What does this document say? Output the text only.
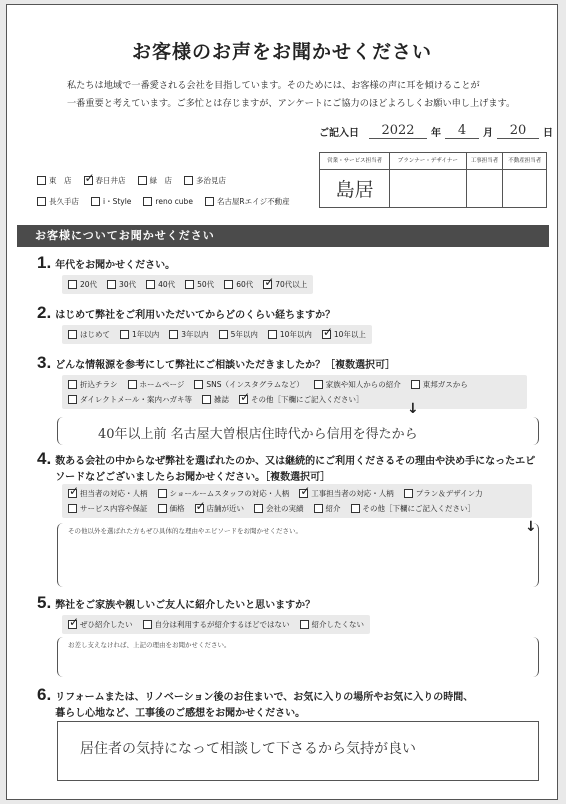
お客様のお声をお聞かせください
私たちは地域で一番愛される会社を目指しています。そのためには、お客様の声に耳を傾けることが
一番重要と考えています。ご多忙とは存じますが、アンケートにご協力のほどよろしくお願い申し上げます。
ご記入日	2022	年	4	月	20	日
東　店 ✓	春日井店	緑　店	多治見店
長久手店	i・Style	reno cube	名古屋Rエイジ不動産
営業・サービス担当者	プランナー・デザイナー	工事担当者	不動産担当者
島居			
お客様についてお聞かせください
1. 年代をお聞かせください。
20代	30代	40代	50代	60代 ✓	70代以上
2. はじめて弊社をご利用いただいてからどのくらい経ちますか？
はじめて	1年以内	3年以内	5年以内	10年以内 ✓	10年以上
3. どんな情報源を参考にして弊社にご相談いただきましたか？［複数選択可］
折込チラシ	ホームページ	SNS（インスタグラムなど）	家族や知人からの紹介	東邦ガスから
ダイレクトメール・案内ハガキ等	雑誌 ✓	その他［下欄にご記入ください］
↓
40年以上前 名古屋大曽根店住時代から信用を得たから
4. 数ある会社の中からなぜ弊社を選ばれたのか、又は継続的にご利用くださるその理由や決め手になったエピソードなどございましたらお聞かせください。［複数選択可］
✓
担当者の対応・人柄	ショールームスタッフの対応・人柄 ✓	工事担当者の対応・人柄	プラン＆デザイン力
サービス内容や保証	価格 ✓	店舗が近い	会社の実績	紹介	その他［下欄にご記入ください］
↓
その他以外を選ばれた方もぜひ具体的な理由やエピソードをお聞かせください。
5. 弊社をご家族や親しいご友人に紹介したいと思いますか？
✓
ぜひ紹介したい	自分は利用するが紹介するほどではない	紹介したくない
お差し支えなければ、上記の理由をお聞かせください。
6. リフォームまたは、リノベーション後のお住まいで、お気に入りの場所やお気に入りの時間、
暮らし心地など、工事後のご感想をお聞かせください。
居住者の気持になって相談して下さるから気持が良い
